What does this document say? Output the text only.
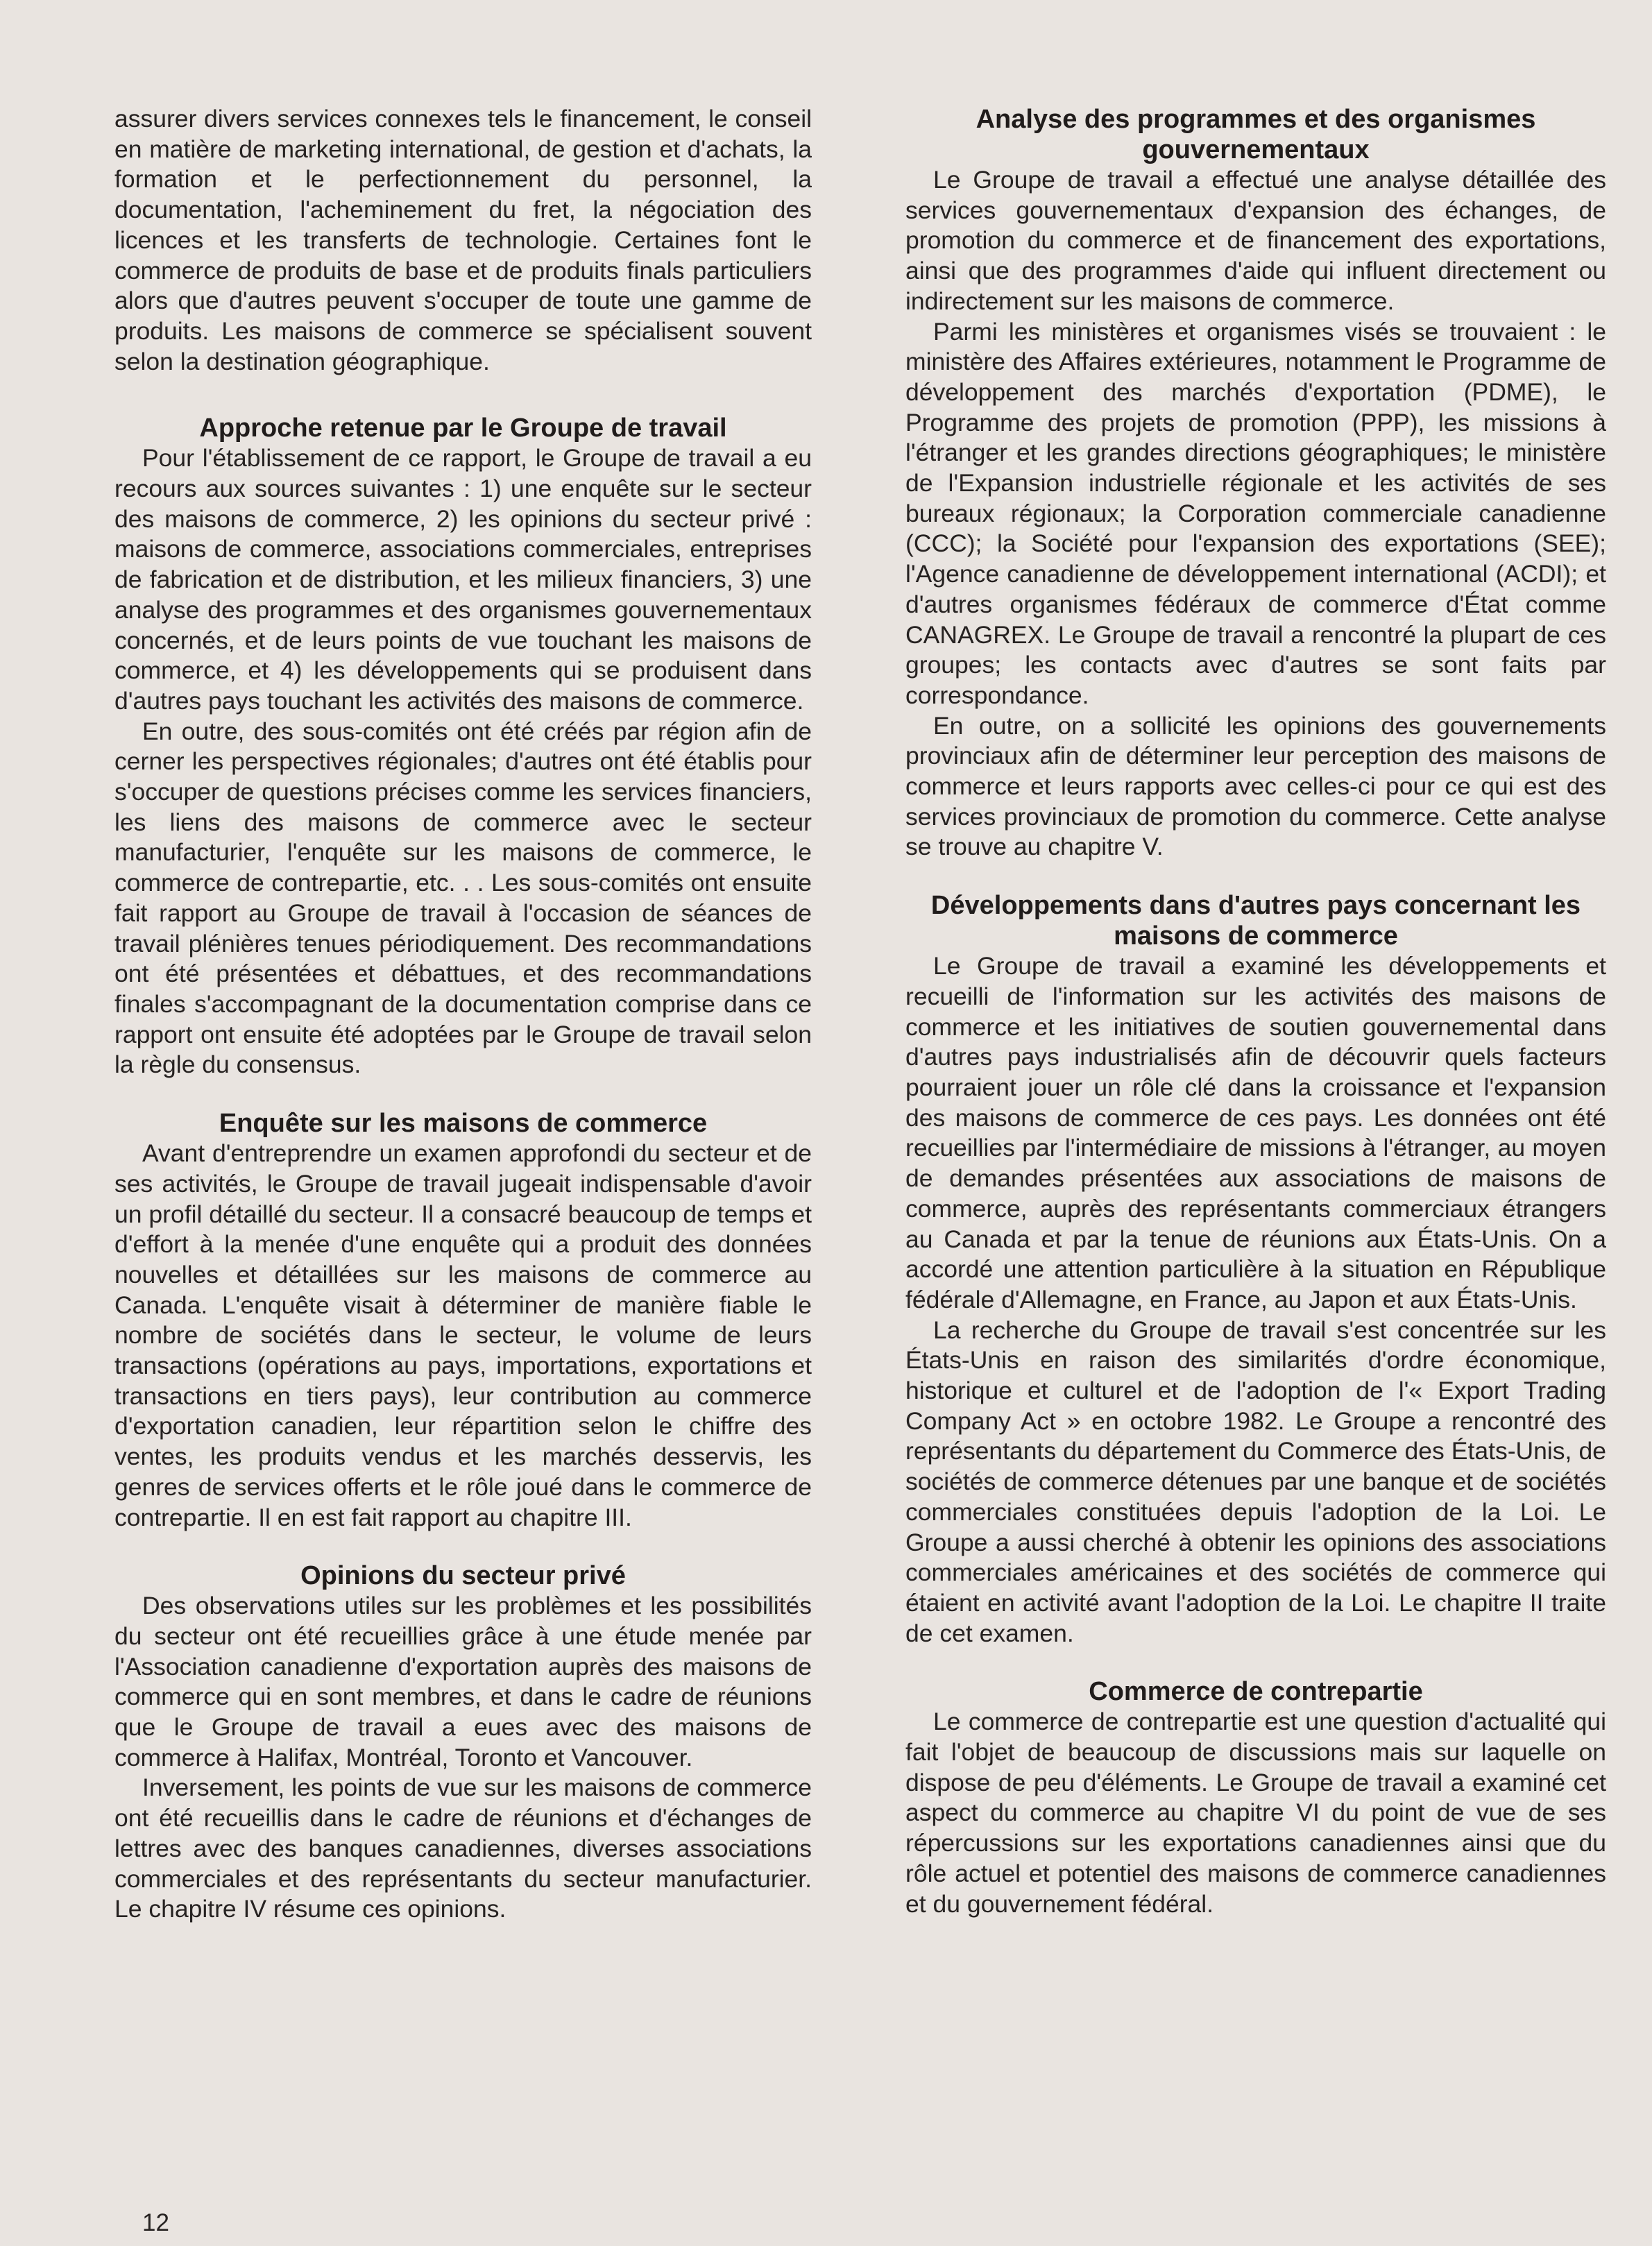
assurer divers services connexes tels le financement, le conseil en matière de marketing international, de gestion et d'achats, la formation et le perfectionnement du personnel, la documentation, l'acheminement du fret, la négociation des licences et les transferts de technologie. Certaines font le commerce de produits de base et de produits finals particuliers alors que d'autres peuvent s'occuper de toute une gamme de produits. Les maisons de commerce se spécialisent souvent selon la destination géographique.

Approche retenue par le Groupe de travail

Pour l'établissement de ce rapport, le Groupe de travail a eu recours aux sources suivantes : 1) une enquête sur le secteur des maisons de commerce, 2) les opinions du secteur privé : maisons de commerce, associations commerciales, entreprises de fabrication et de distribution, et les milieux financiers, 3) une analyse des programmes et des organismes gouvernementaux concernés, et de leurs points de vue touchant les maisons de commerce, et 4) les développements qui se produisent dans d'autres pays touchant les activités des maisons de commerce.

En outre, des sous-comités ont été créés par région afin de cerner les perspectives régionales; d'autres ont été établis pour s'occuper de questions précises comme les services financiers, les liens des maisons de commerce avec le secteur manufacturier, l'enquête sur les maisons de commerce, le commerce de contrepartie, etc. . . Les sous-comités ont ensuite fait rapport au Groupe de travail à l'occasion de séances de travail plénières tenues périodiquement. Des recommandations ont été présentées et débattues, et des recommandations finales s'accompagnant de la documentation comprise dans ce rapport ont ensuite été adoptées par le Groupe de travail selon la règle du consensus.

Enquête sur les maisons de commerce

Avant d'entreprendre un examen approfondi du secteur et de ses activités, le Groupe de travail jugeait indispensable d'avoir un profil détaillé du secteur. Il a consacré beaucoup de temps et d'effort à la menée d'une enquête qui a produit des données nouvelles et détaillées sur les maisons de commerce au Canada. L'enquête visait à déterminer de manière fiable le nombre de sociétés dans le secteur, le volume de leurs transactions (opérations au pays, importations, exportations et transactions en tiers pays), leur contribution au commerce d'exportation canadien, leur répartition selon le chiffre des ventes, les produits vendus et les marchés desservis, les genres de services offerts et le rôle joué dans le commerce de contrepartie. Il en est fait rapport au chapitre III.

Opinions du secteur privé

Des observations utiles sur les problèmes et les possibilités du secteur ont été recueillies grâce à une étude menée par l'Association canadienne d'exportation auprès des maisons de commerce qui en sont membres, et dans le cadre de réunions que le Groupe de travail a eues avec des maisons de commerce à Halifax, Montréal, Toronto et Vancouver.

Inversement, les points de vue sur les maisons de commerce ont été recueillis dans le cadre de réunions et d'échanges de lettres avec des banques canadiennes, diverses associations commerciales et des représentants du secteur manufacturier. Le chapitre IV résume ces opinions.

Analyse des programmes et des organismes gouvernementaux

Le Groupe de travail a effectué une analyse détaillée des services gouvernementaux d'expansion des échanges, de promotion du commerce et de financement des exportations, ainsi que des programmes d'aide qui influent directement ou indirectement sur les maisons de commerce.

Parmi les ministères et organismes visés se trouvaient : le ministère des Affaires extérieures, notamment le Programme de développement des marchés d'exportation (PDME), le Programme des projets de promotion (PPP), les missions à l'étranger et les grandes directions géographiques; le ministère de l'Expansion industrielle régionale et les activités de ses bureaux régionaux; la Corporation commerciale canadienne (CCC); la Société pour l'expansion des exportations (SEE); l'Agence canadienne de développement international (ACDI); et d'autres organismes fédéraux de commerce d'État comme CANAGREX. Le Groupe de travail a rencontré la plupart de ces groupes; les contacts avec d'autres se sont faits par correspondance.

En outre, on a sollicité les opinions des gouvernements provinciaux afin de déterminer leur perception des maisons de commerce et leurs rapports avec celles-ci pour ce qui est des services provinciaux de promotion du commerce. Cette analyse se trouve au chapitre V.

Développements dans d'autres pays concernant les maisons de commerce

Le Groupe de travail a examiné les développements et recueilli de l'information sur les activités des maisons de commerce et les initiatives de soutien gouvernemental dans d'autres pays industrialisés afin de découvrir quels facteurs pourraient jouer un rôle clé dans la croissance et l'expansion des maisons de commerce de ces pays. Les données ont été recueillies par l'intermédiaire de missions à l'étranger, au moyen de demandes présentées aux associations de maisons de commerce, auprès des représentants commerciaux étrangers au Canada et par la tenue de réunions aux États-Unis. On a accordé une attention particulière à la situation en République fédérale d'Allemagne, en France, au Japon et aux États-Unis.

La recherche du Groupe de travail s'est concentrée sur les États-Unis en raison des similarités d'ordre économique, historique et culturel et de l'adoption de l'« Export Trading Company Act » en octobre 1982. Le Groupe a rencontré des représentants du département du Commerce des États-Unis, de sociétés de commerce détenues par une banque et de sociétés commerciales constituées depuis l'adoption de la Loi. Le Groupe a aussi cherché à obtenir les opinions des associations commerciales américaines et des sociétés de commerce qui étaient en activité avant l'adoption de la Loi. Le chapitre II traite de cet examen.

Commerce de contrepartie

Le commerce de contrepartie est une question d'actualité qui fait l'objet de beaucoup de discussions mais sur laquelle on dispose de peu d'éléments. Le Groupe de travail a examiné cet aspect du commerce au chapitre VI du point de vue de ses répercussions sur les exportations canadiennes ainsi que du rôle actuel et potentiel des maisons de commerce canadiennes et du gouvernement fédéral.

12
